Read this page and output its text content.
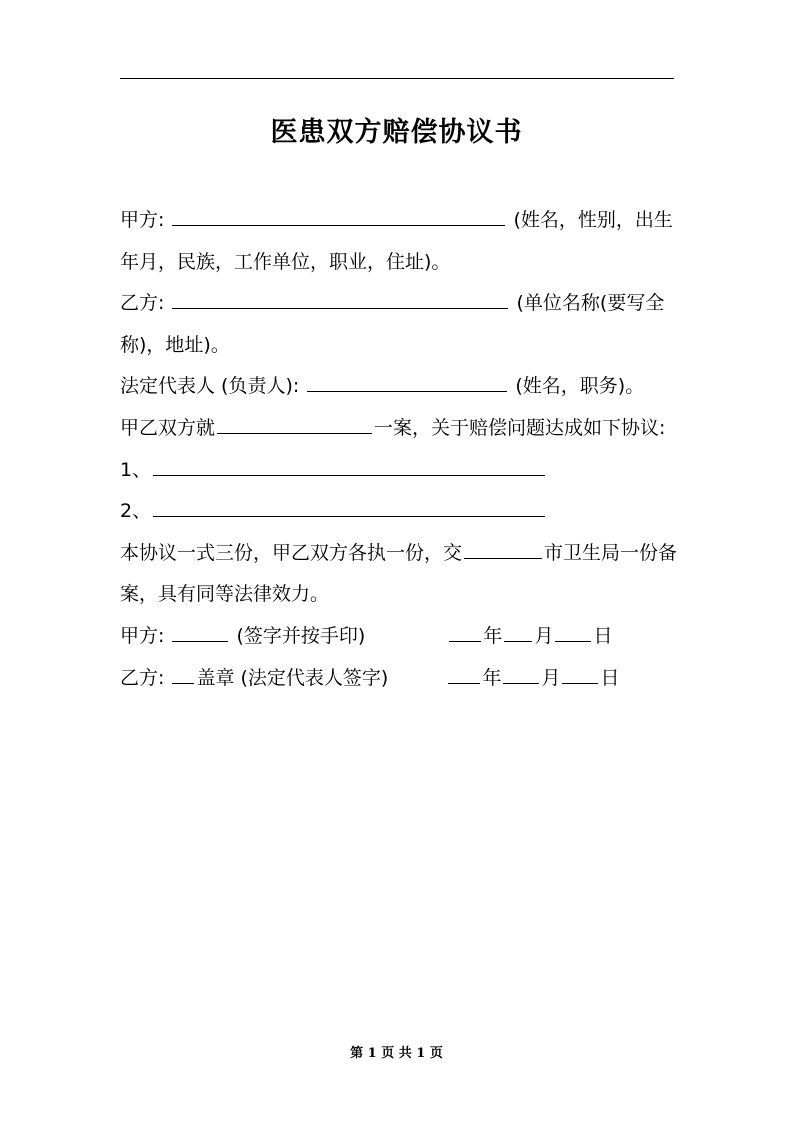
医患双方赔偿协议书
甲方:	(姓名，性别，出生
年月，民族，工作单位，职业，住址)。
乙方:	(单位名称(要写全
称)，地址)。
法定代表人 (负责人):	(姓名，职务)。
甲乙双方就	一案，关于赔偿问题达成如下协议:
1、
2、
本协议一式三份，甲乙双方各执一份，交	市卫生局一份备
案，具有同等法律效力。
甲方:	(签字并按手印)	年 月 日
乙方: 盖章 (法定代表人签字)	年 月 日
第 1 页 共 1 页
